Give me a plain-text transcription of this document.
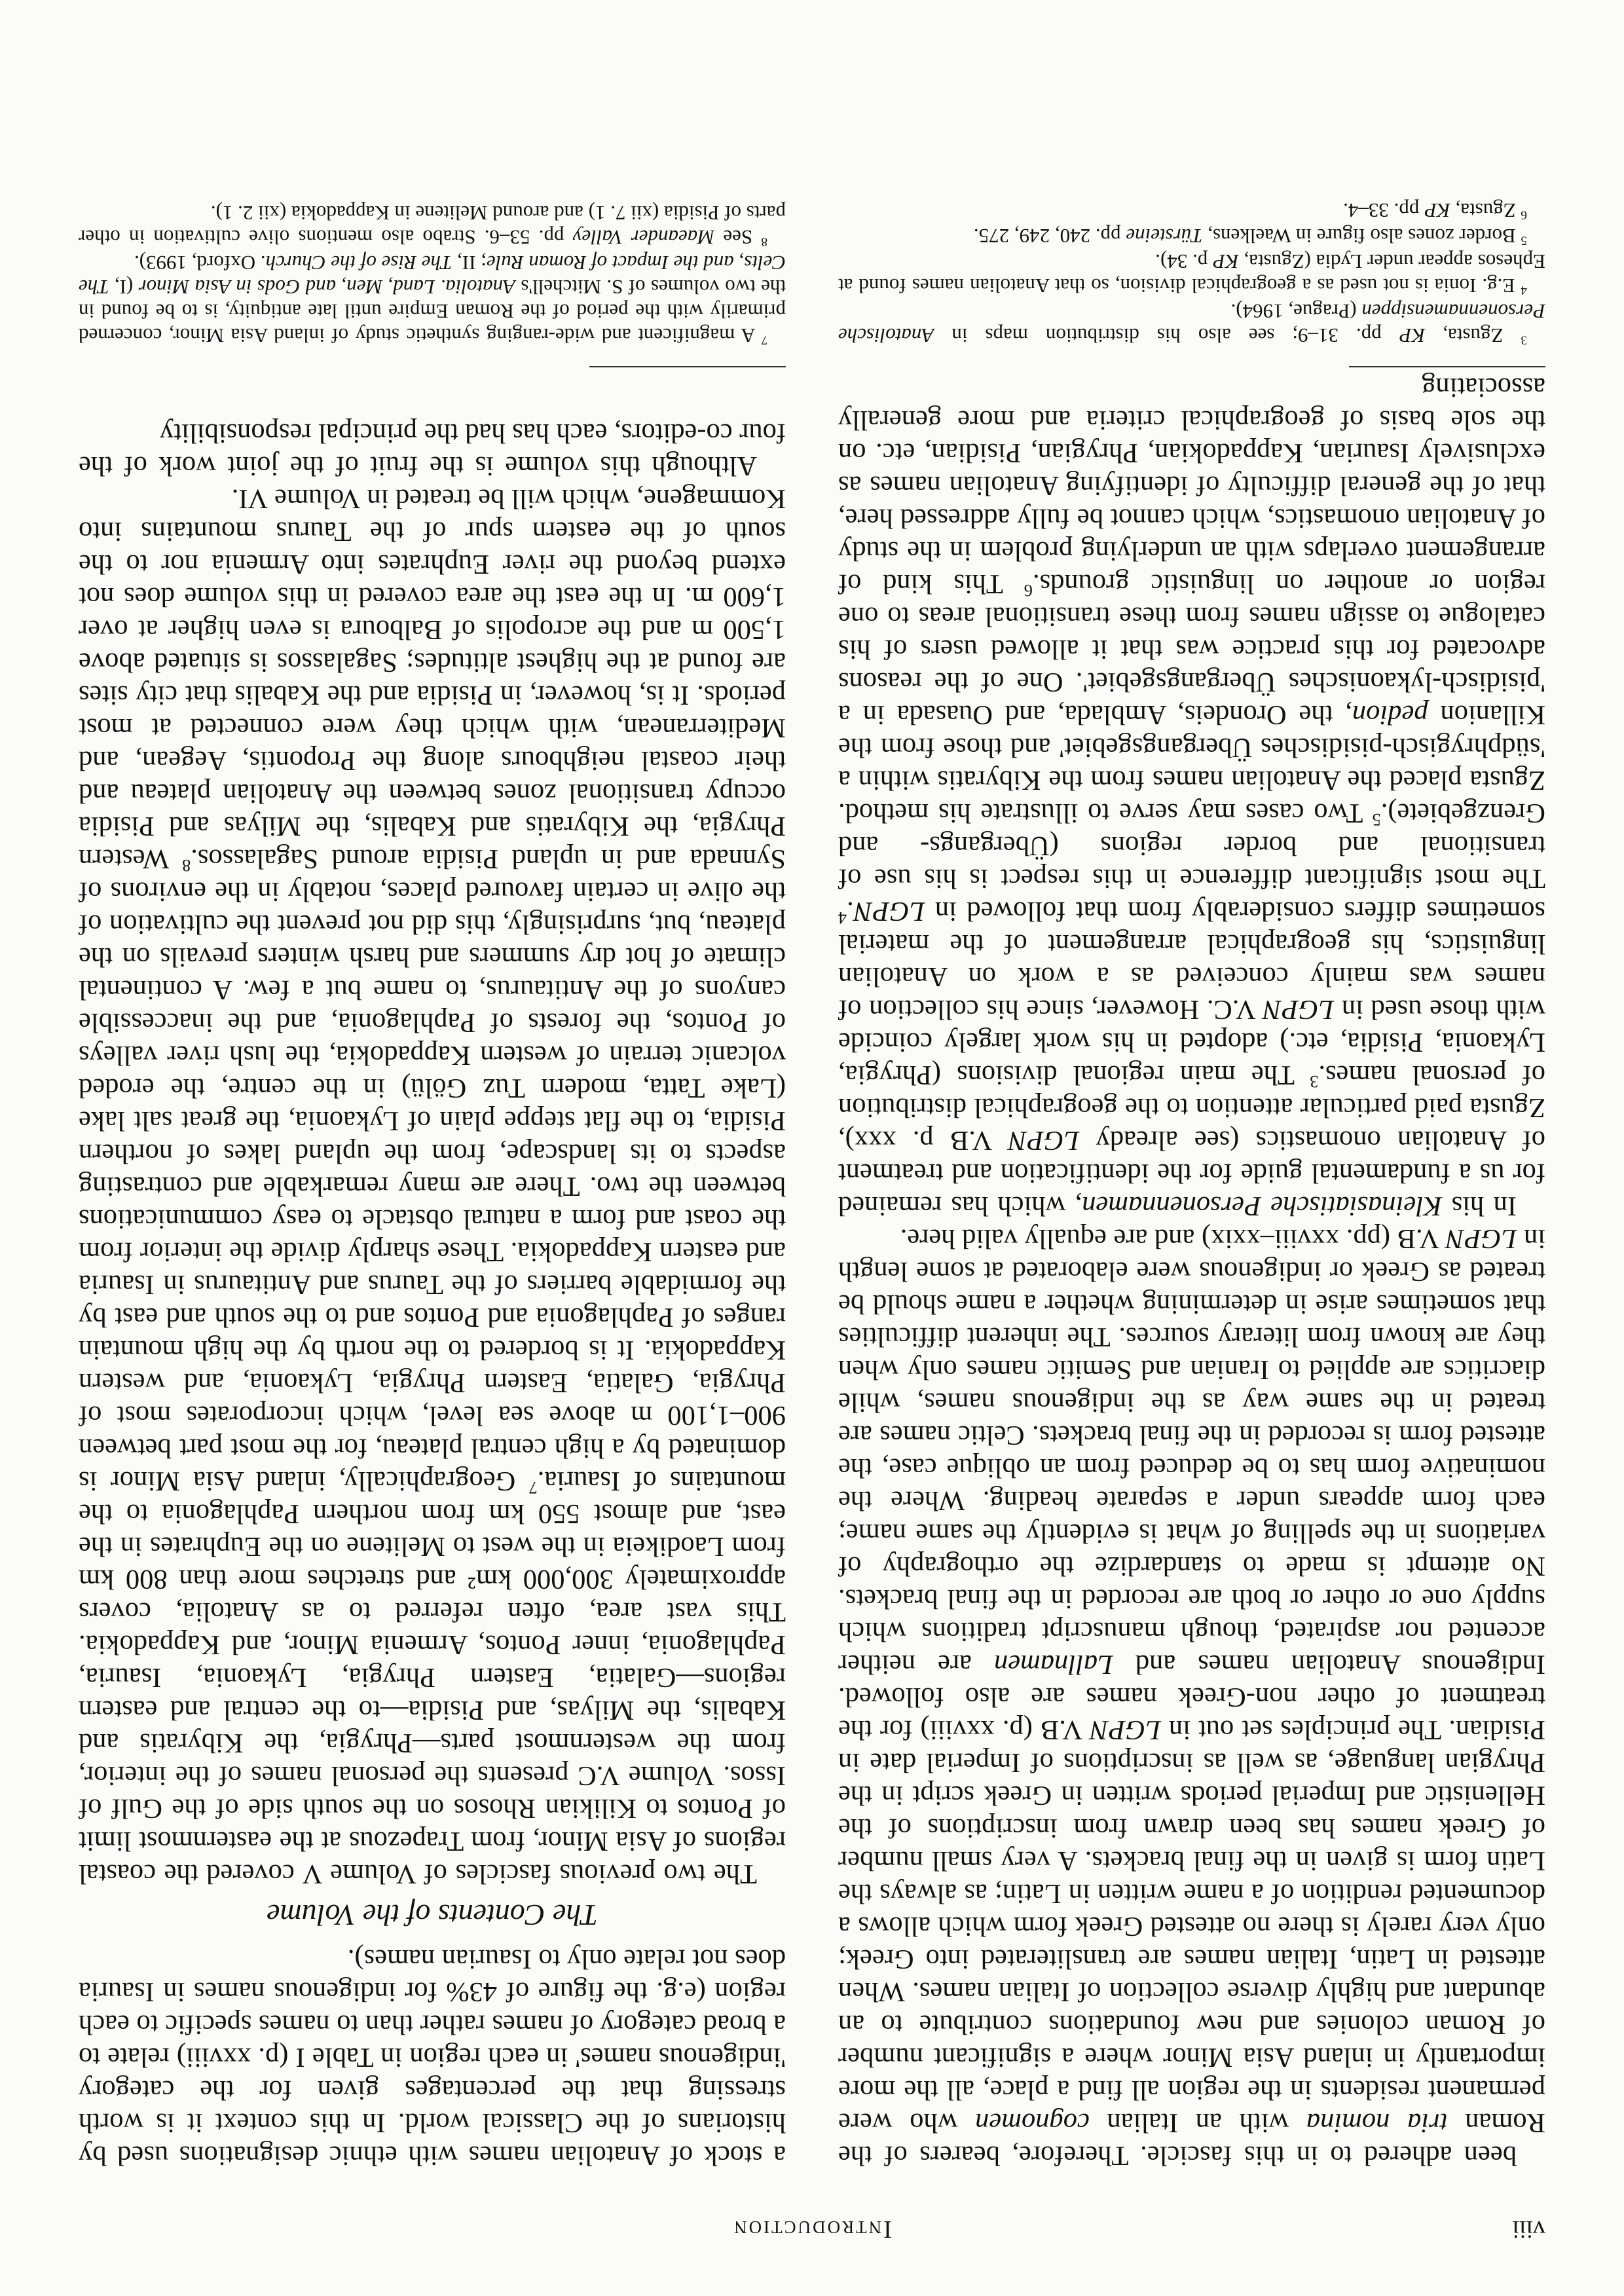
viii
Introduction

been adhered to in this fascicle. Therefore, bearers of the Roman tria nomina with an Italian cognomen who were permanent residents in the region all find a place, all the more importantly in inland Asia Minor where a significant number of Roman colonies and new foundations contribute to an abundant and highly diverse collection of Italian names. When attested in Latin, Italian names are transliterated into Greek; only very rarely is there no attested Greek form which allows a documented rendition of a name written in Latin; as always the Latin form is given in the final brackets. A very small number of Greek names has been drawn from inscriptions of the Hellenistic and Imperial periods written in Greek script in the Phrygian language, as well as inscriptions of Imperial date in Pisidian. The principles set out in LGPN V.B (p. xxviii) for the treatment of other non-Greek names are also followed. Indigenous Anatolian names and Lallnamen are neither accented nor aspirated, though manuscript traditions which supply one or other or both are recorded in the final brackets. No attempt is made to standardize the orthography of variations in the spelling of what is evidently the same name; each form appears under a separate heading. Where the nominative form has to be deduced from an oblique case, the attested form is recorded in the final brackets. Celtic names are treated in the same way as the indigenous names, while diacritics are applied to Iranian and Semitic names only when they are known from literary sources. The inherent difficulties that sometimes arise in determining whether a name should be treated as Greek or indigenous were elaborated at some length in LGPN V.B (pp. xxviii–xxix) and are equally valid here.

In his Kleinasiatische Personennamen, which has remained for us a fundamental guide for the identification and treatment of Anatolian onomastics (see already LGPN V.B p. xxx), Zgusta paid particular attention to the geographical distribution of personal names.$^3$ The main regional divisions (Phrygia, Lykaonia, Pisidia, etc.) adopted in his work largely coincide with those used in LGPN V.C. However, since his collection of names was mainly conceived as a work on Anatolian linguistics, his geographical arrangement of the material sometimes differs considerably from that followed in LGPN.$^4$ The most significant difference in this respect is his use of transitional and border regions (Übergangs- and Grenzgebiete).$^5$ Two cases may serve to illustrate his method. Zgusta placed the Anatolian names from the Kibyratis within a 'südphrygisch-pisidisches Übergangsgebiet' and those from the Killanion pedion, the Orondeis, Amblada, and Ouasada in a 'pisidisch-lykaonisches Übergangsgebiet'. One of the reasons advocated for this practice was that it allowed users of his catalogue to assign names from these transitional areas to one region or another on linguistic grounds.$^6$ This kind of arrangement overlaps with an underlying problem in the study of Anatolian onomastics, which cannot be fully addressed here, that of the general difficulty of identifying Anatolian names as exclusively Isaurian, Kappadokian, Phrygian, Pisidian, etc. on the sole basis of geographical criteria and more generally associating

a stock of Anatolian names with ethnic designations used by historians of the Classical world. In this context it is worth stressing that the percentages given for the category 'indigenous names' in each region in Table I (p. xxviii) relate to a broad category of names rather than to names specific to each region (e.g. the figure of 43% for indigenous names in Isauria does not relate only to Isaurian names).

The Contents of the Volume

The two previous fascicles of Volume V covered the coastal regions of Asia Minor, from Trapezous at the easternmost limit of Pontos to Kilikian Rhosos on the south side of the Gulf of Issos. Volume V.C presents the personal names of the interior, from the westernmost parts—Phrygia, the Kibyratis and Kabalis, the Milyas, and Pisidia—to the central and eastern regions—Galatia, Eastern Phrygia, Lykaonia, Isauria, Paphlagonia, inner Pontos, Armenia Minor, and Kappadokia. This vast area, often referred to as Anatolia, covers approximately 300,000 km² and stretches more than 800 km from Laodikeia in the west to Melitene on the Euphrates in the east, and almost 550 km from northern Paphlagonia to the mountains of Isauria.$^7$ Geographically, inland Asia Minor is dominated by a high central plateau, for the most part between 900–1,100 m above sea level, which incorporates most of Phrygia, Galatia, Eastern Phrygia, Lykaonia, and western Kappadokia. It is bordered to the north by the high mountain ranges of Paphlagonia and Pontos and to the south and east by the formidable barriers of the Taurus and Antitaurus in Isauria and eastern Kappadokia. These sharply divide the interior from the coast and form a natural obstacle to easy communications between the two. There are many remarkable and contrasting aspects to its landscape, from the upland lakes of northern Pisidia, to the flat steppe plain of Lykaonia, the great salt lake (Lake Tatta, modern Tuz Gölü) in the centre, the eroded volcanic terrain of western Kappadokia, the lush river valleys of Pontos, the forests of Paphlagonia, and the inaccessible canyons of the Antitaurus, to name but a few. A continental climate of hot dry summers and harsh winters prevails on the plateau, but, surprisingly, this did not prevent the cultivation of the olive in certain favoured places, notably in the environs of Synnada and in upland Pisidia around Sagalassos.$^8$ Western Phrygia, the Kibyratis and Kabalis, the Milyas and Pisidia occupy transitional zones between the Anatolian plateau and their coastal neighbours along the Propontis, Aegean, and Mediterranean, with which they were connected at most periods. It is, however, in Pisidia and the Kabalis that city sites are found at the highest altitudes; Sagalassos is situated above 1,500 m and the acropolis of Balboura is even higher at over 1,600 m. In the east the area covered in this volume does not extend beyond the river Euphrates into Armenia nor to the south of the eastern spur of the Taurus mountains into Kommagene, which will be treated in Volume VI.

Although this volume is the fruit of the joint work of the four co-editors, each has had the principal responsibility

$^3$ Zgusta, KP pp. 31–9; see also his distribution maps in Anatolische Personennamensippen (Prague, 1964).

$^4$ E.g. Ionia is not used as a geographical division, so that Anatolian names found at Ephesos appear under Lydia (Zgusta, KP p. 34).

$^5$ Border zones also figure in Waelkens, Türsteine pp. 240, 249, 275.

$^6$ Zgusta, KP pp. 33–4.

$^7$ A magnificent and wide-ranging synthetic study of inland Asia Minor, concerned primarily with the period of the Roman Empire until late antiquity, is to be found in the two volumes of S. Mitchell's Anatolia. Land, Men, and Gods in Asia Minor (I, The Celts, and the Impact of Roman Rule; II, The Rise of the Church. Oxford, 1993).

$^8$ See Maeander Valley pp. 53–6. Strabo also mentions olive cultivation in other parts of Pisidia (xii 7. 1) and around Melitene in Kappadokia (xii 2. 1).
